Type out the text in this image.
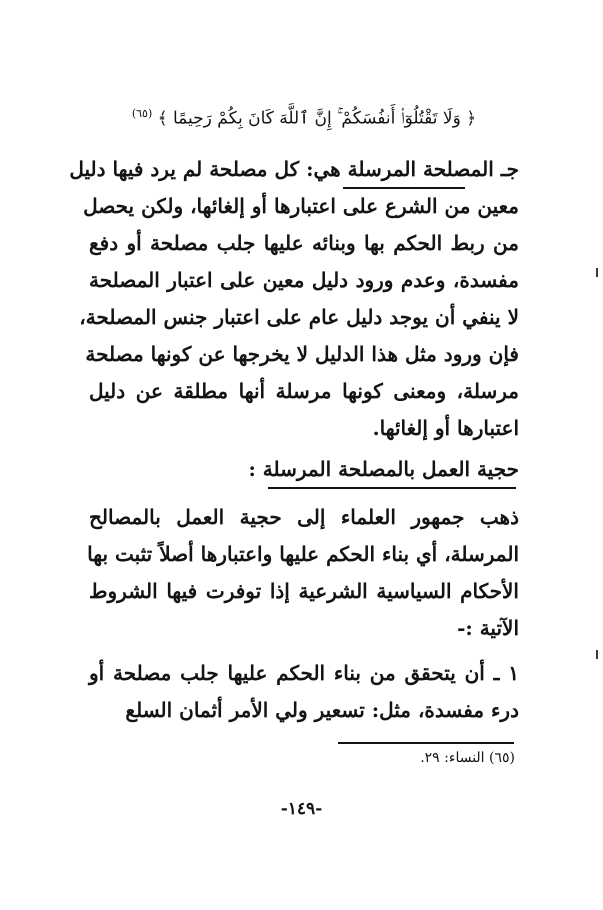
﴿ وَلَا تَقْتُلُوٓا۟ أَنفُسَكُمْ ۚ إِنَّ ٱللَّهَ كَانَ بِكُمْ رَحِيمًا ﴾ $^{(٦٥)}$
جـ المصلحة المرسلة هي: كل مصلحة لم يرد فيها دليل
معين من الشرع على اعتبارها أو إلغائها، ولكن يحصل
من ربط الحكم بها وبنائه عليها جلب مصلحة أو دفع
مفسدة، وعدم ورود دليل معين على اعتبار المصلحة
لا ينفي أن يوجد دليل عام على اعتبار جنس المصلحة،
فإن ورود مثل هذا الدليل لا يخرجها عن كونها مصلحة
مرسلة، ومعنى كونها مرسلة أنها مطلقة عن دليل
اعتبارها أو إلغائها.
حجية العمل بالمصلحة المرسلة :
ذهب جمهور العلماء إلى حجية العمل بالمصالح
المرسلة، أي بناء الحكم عليها واعتبارها أصلاً تثبت بها
الأحكام السياسية الشرعية إذا توفرت فيها الشروط
الآتية :-
١ ـ أن يتحقق من بناء الحكم عليها جلب مصلحة أو
درء مفسدة، مثل: تسعير ولي الأمر أثمان السلع
(٦٥) النساء: ٢٩.
-١٤٩-
